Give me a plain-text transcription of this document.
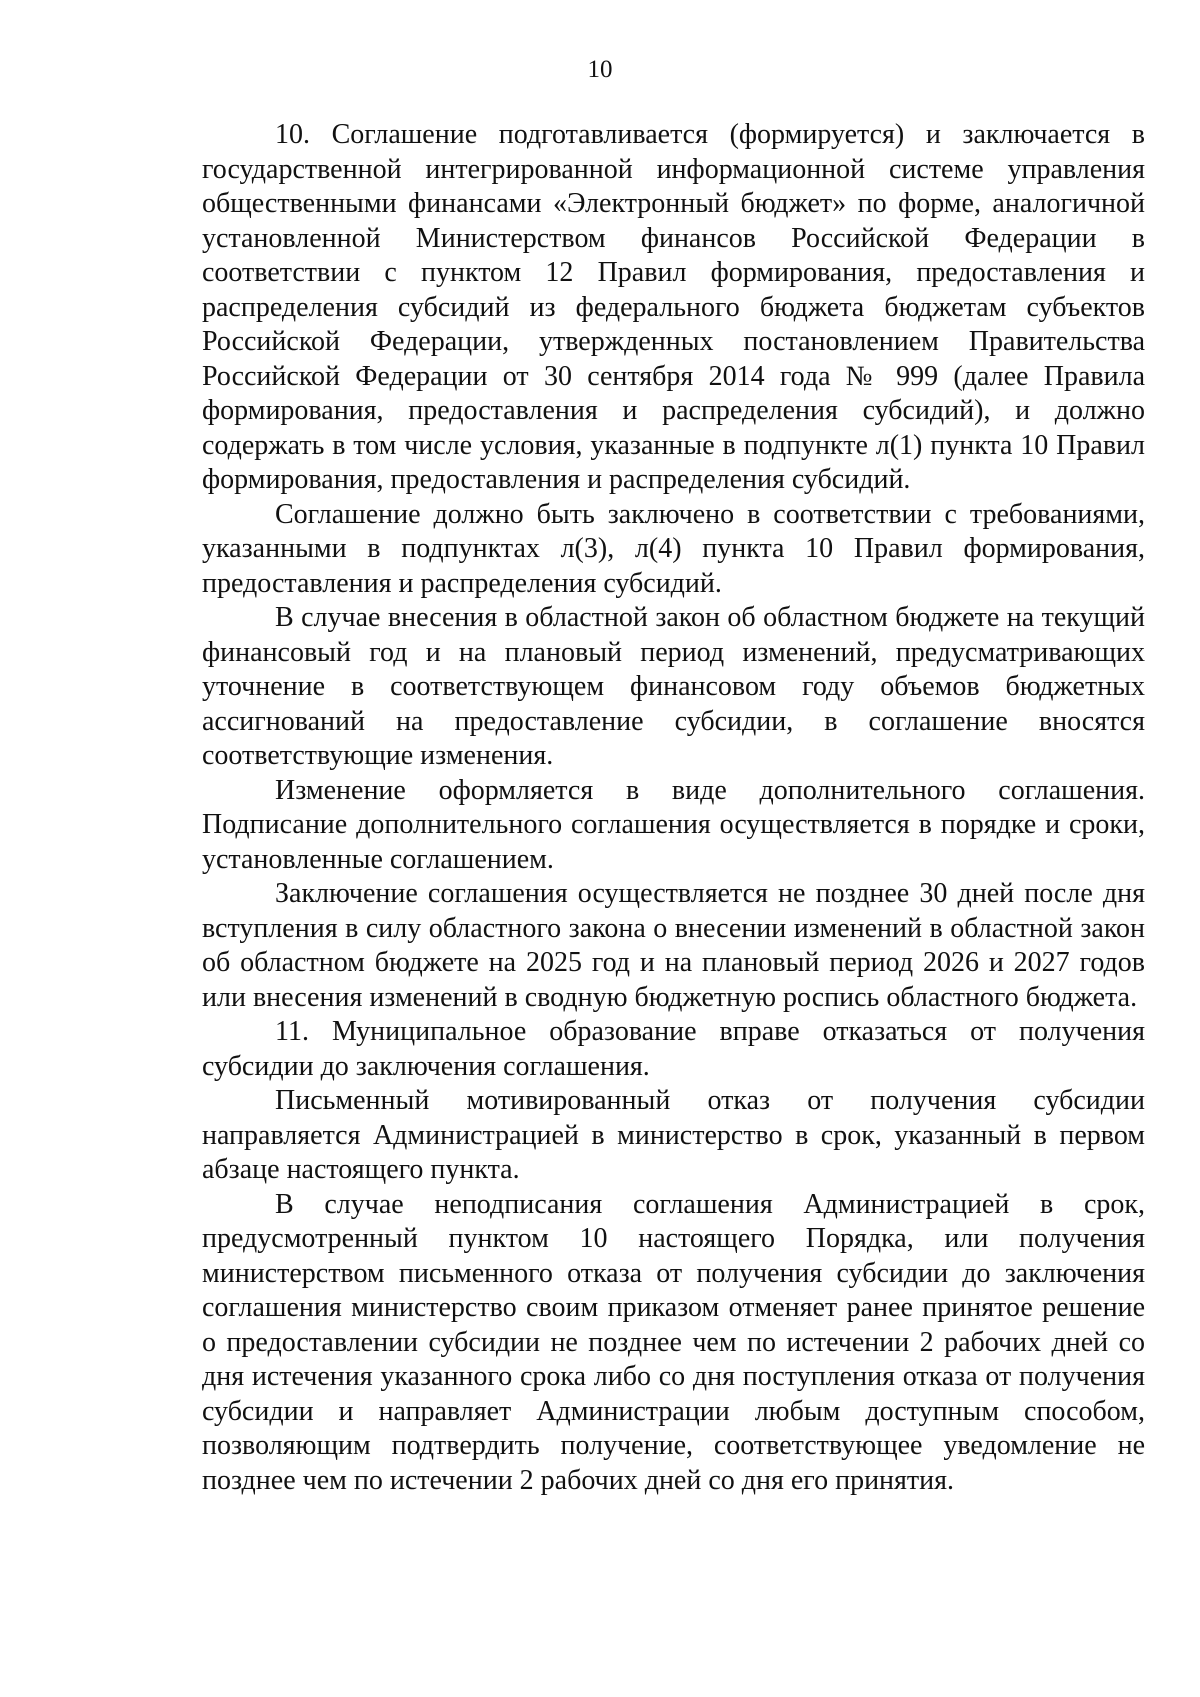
10

10. Соглашение подготавливается (формируется) и заключается в государственной интегрированной информационной системе управления общественными финансами «Электронный бюджет» по форме, аналогичной установленной Министерством финансов Российской Федерации в соответствии с пунктом 12 Правил формирования, предоставления и распределения субсидий из федерального бюджета бюджетам субъектов Российской Федерации, утвержденных постановлением Правительства Российской Федерации от 30 сентября 2014 года № 999 (далее Правила формирования, предоставления и распределения субсидий), и должно содержать в том числе условия, указанные в подпункте л(1) пункта 10 Правил формирования, предоставления и распределения субсидий.

Соглашение должно быть заключено в соответствии с требованиями, указанными в подпунктах л(3), л(4) пункта 10 Правил формирования, предоставления и распределения субсидий.

В случае внесения в областной закон об областном бюджете на текущий финансовый год и на плановый период изменений, предусматривающих уточнение в соответствующем финансовом году объемов бюджетных ассигнований на предоставление субсидии, в соглашение вносятся соответствующие изменения.

Изменение оформляется в виде дополнительного соглашения. Подписание дополнительного соглашения осуществляется в порядке и сроки, установленные соглашением.

Заключение соглашения осуществляется не позднее 30 дней после дня вступления в силу областного закона о внесении изменений в областной закон об областном бюджете на 2025 год и на плановый период 2026 и 2027 годов или внесения изменений в сводную бюджетную роспись областного бюджета.

11. Муниципальное образование вправе отказаться от получения субсидии до заключения соглашения.

Письменный мотивированный отказ от получения субсидии направляется Администрацией в министерство в срок, указанный в первом абзаце настоящего пункта.

В случае неподписания соглашения Администрацией в срок, предусмотренный пунктом 10 настоящего Порядка, или получения министерством письменного отказа от получения субсидии до заключения соглашения министерство своим приказом отменяет ранее принятое решение о предоставлении субсидии не позднее чем по истечении 2 рабочих дней со дня истечения указанного срока либо со дня поступления отказа от получения субсидии и направляет Администрации любым доступным способом, позволяющим подтвердить получение, соответствующее уведомление не позднее чем по истечении 2 рабочих дней со дня его принятия.
